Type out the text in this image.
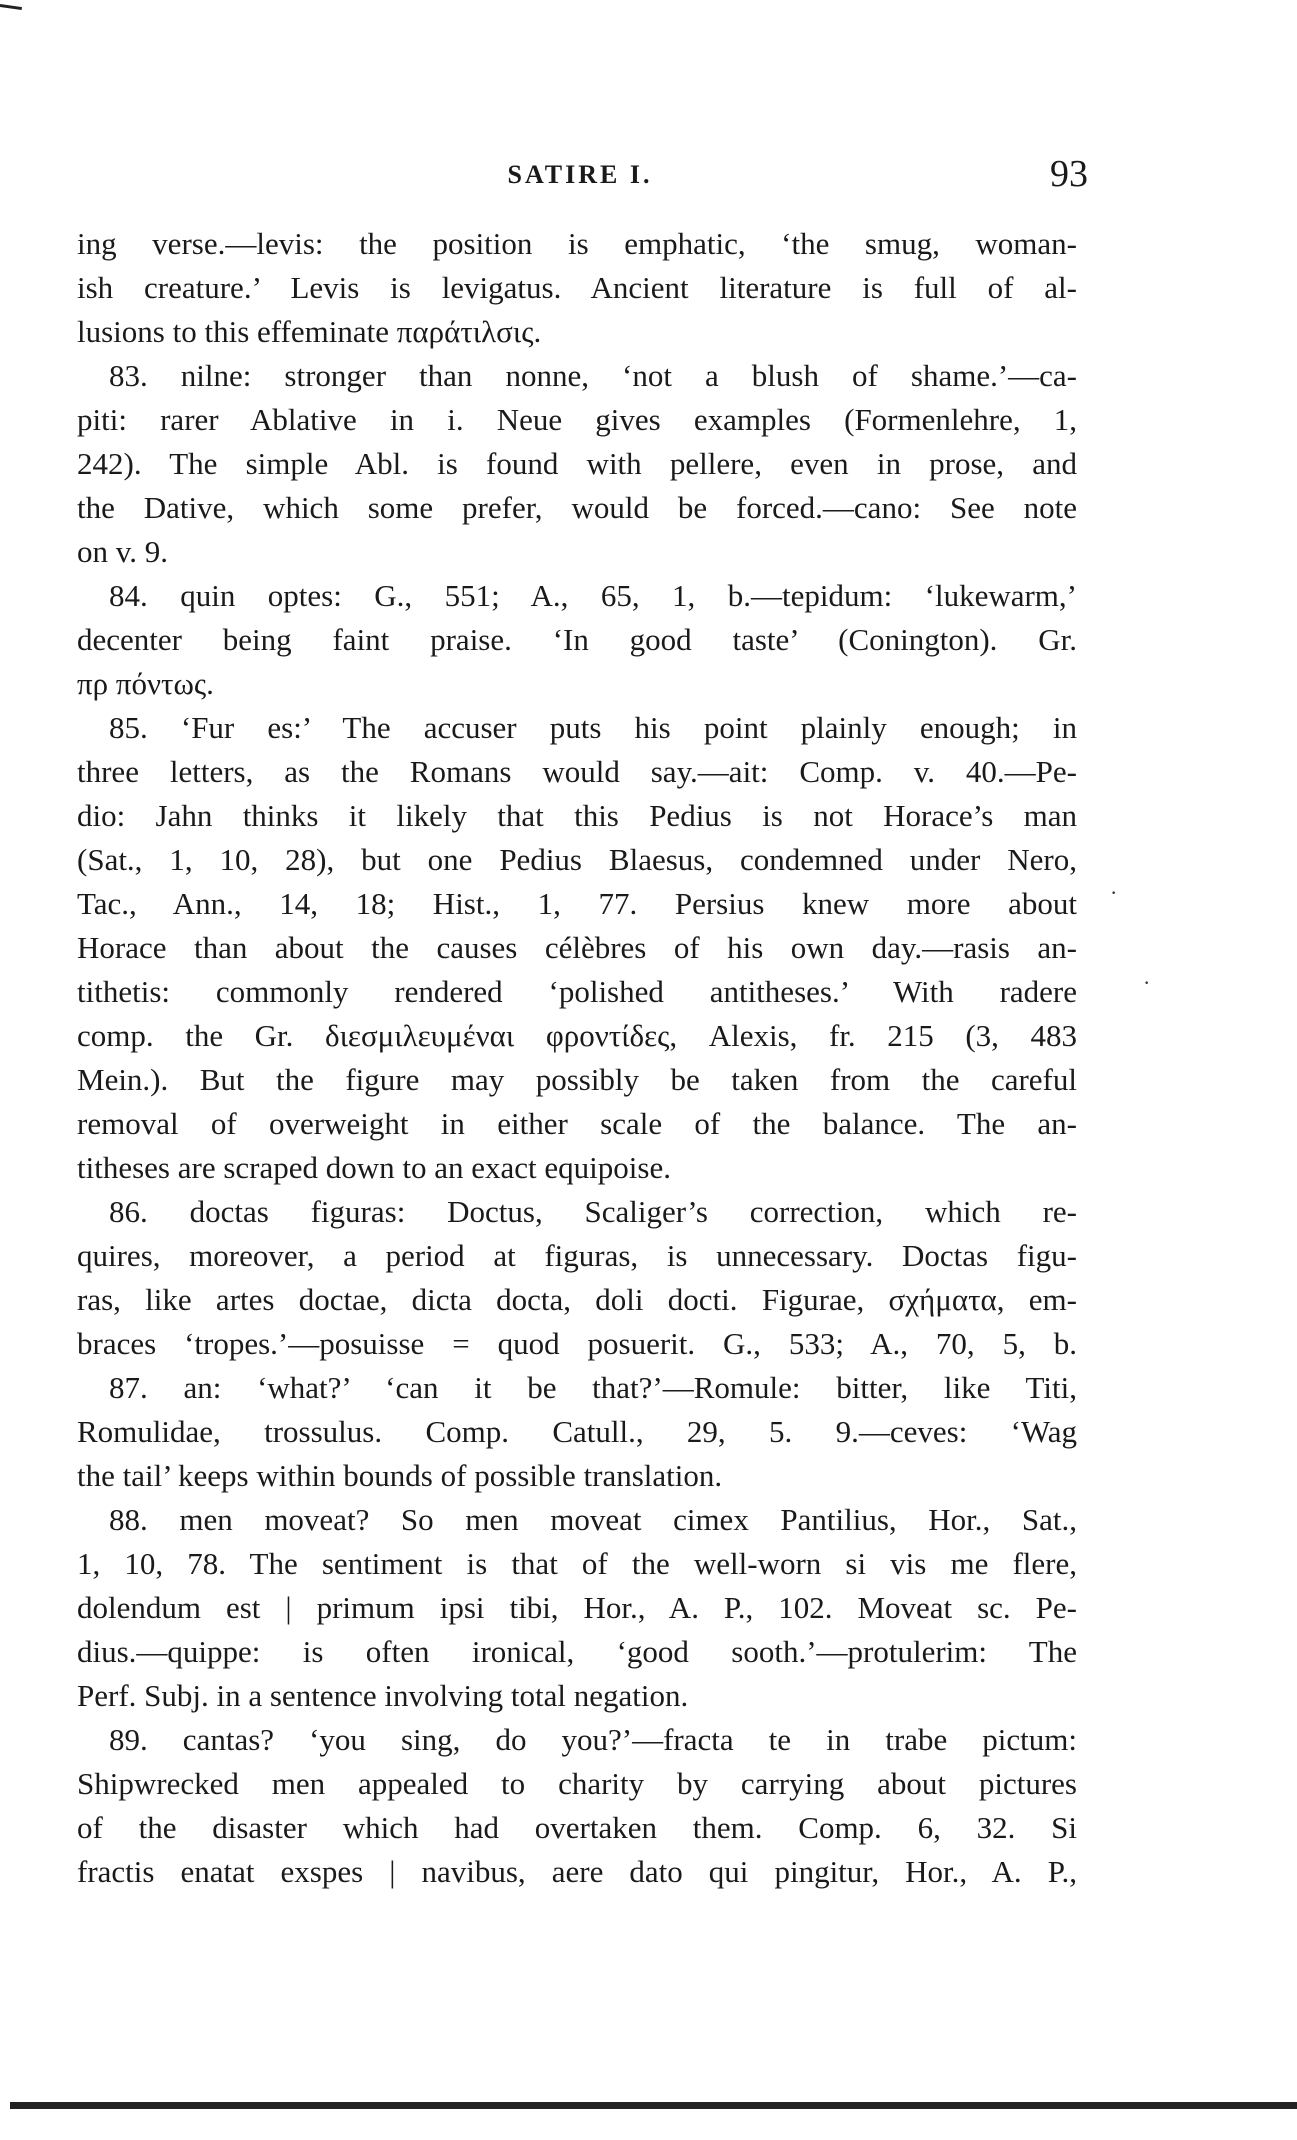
SATIRE I.	93
ing verse.—levis: the position is emphatic, ‘the smug, woman-
ish creature.’ Levis is levigatus. Ancient literature is full of al-
lusions to this effeminate παράτιλσις.
83. nilne: stronger than nonne, ‘not a blush of shame.’—ca-
piti: rarer Ablative in i. Neue gives examples (Formenlehre, 1,
242). The simple Abl. is found with pellere, even in prose, and
the Dative, which some prefer, would be forced.—cano: See note
on v. 9.
84. quin optes: G., 551; A., 65, 1, b.—tepidum: ‘lukewarm,’
decenter being faint praise. ‘In good taste’ (Conington). Gr.
πρ πόντως.
85. ‘Fur es:’ The accuser puts his point plainly enough; in
three letters, as the Romans would say.—ait: Comp. v. 40.—Pe-
dio: Jahn thinks it likely that this Pedius is not Horace’s man
(Sat., 1, 10, 28), but one Pedius Blaesus, condemned under Nero,
Tac., Ann., 14, 18; Hist., 1, 77. Persius knew more about
Horace than about the causes célèbres of his own day.—rasis an-
tithetis: commonly rendered ‘polished antitheses.’ With radere
comp. the Gr. διεσμιλευμέναι φροντίδες, Alexis, fr. 215 (3, 483
Mein.). But the figure may possibly be taken from the careful
removal of overweight in either scale of the balance. The an-
titheses are scraped down to an exact equipoise.
86. doctas figuras: Doctus, Scaliger’s correction, which re-
quires, moreover, a period at figuras, is unnecessary. Doctas figu-
ras, like artes doctae, dicta docta, doli docti. Figurae, σχήματα, em-
braces ‘tropes.’—posuisse = quod posuerit. G., 533; A., 70, 5, b.
87. an: ‘what?’ ‘can it be that?’—Romule: bitter, like Titi,
Romulidae, trossulus. Comp. Catull., 29, 5. 9.—ceves: ‘Wag
the tail’ keeps within bounds of possible translation.
88. men moveat? So men moveat cimex Pantilius, Hor., Sat.,
1, 10, 78. The sentiment is that of the well-worn si vis me flere,
dolendum est | primum ipsi tibi, Hor., A. P., 102. Moveat sc. Pe-
dius.—quippe: is often ironical, ‘good sooth.’—protulerim: The
Perf. Subj. in a sentence involving total negation.
89. cantas? ‘you sing, do you?’—fracta te in trabe pictum:
Shipwrecked men appealed to charity by carrying about pictures
of the disaster which had overtaken them. Comp. 6, 32. Si
fractis enatat exspes | navibus, aere dato qui pingitur, Hor., A. P.,
·
·
